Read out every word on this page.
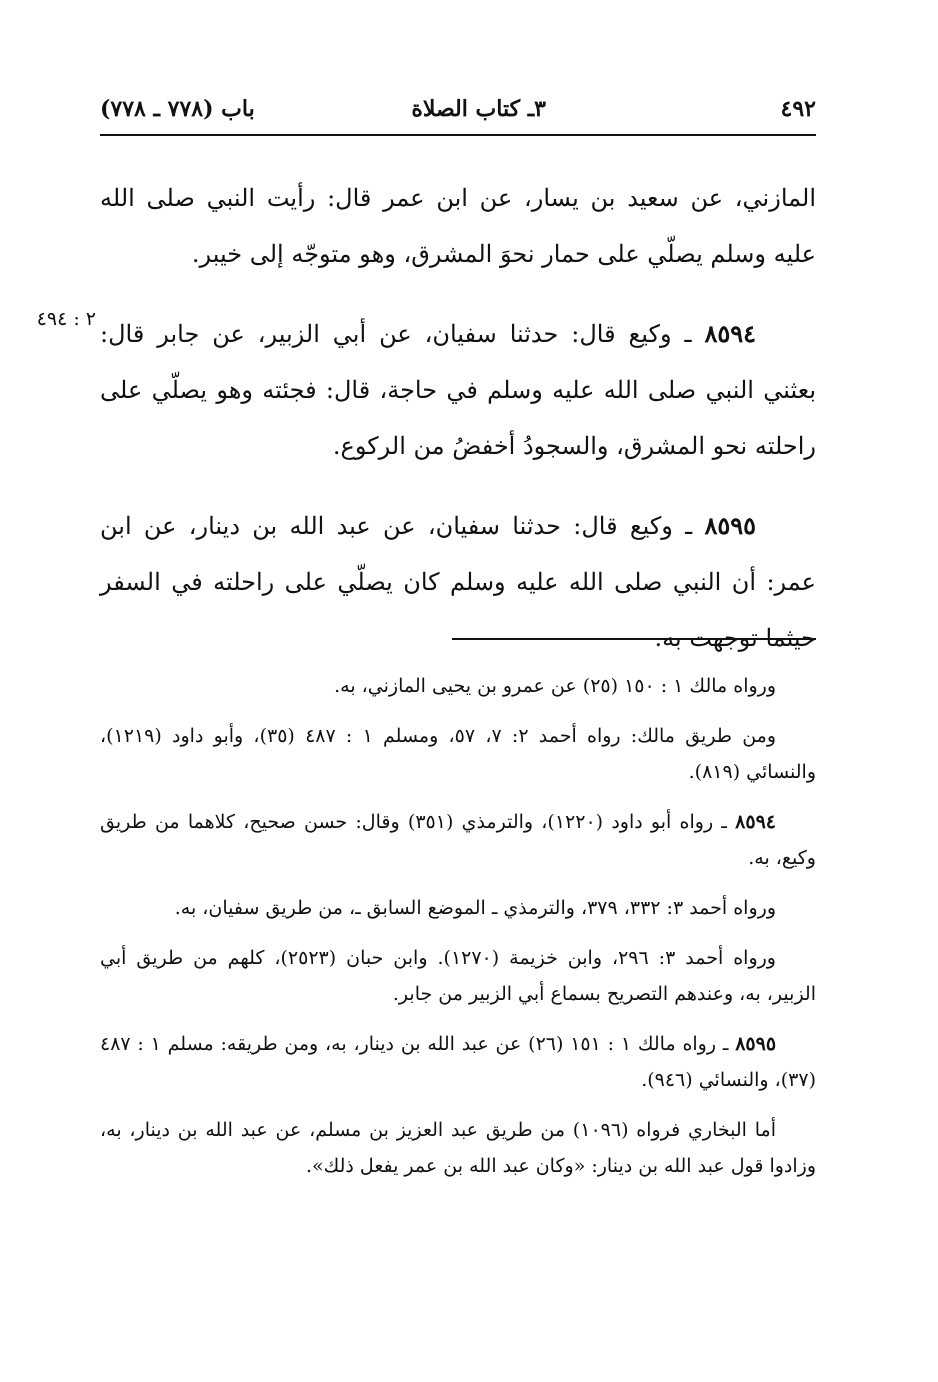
٤٩٢
٣ـ كتاب الصلاة
باب (٧٧٨ ـ ٧٧٨)
٢ : ٤٩٤

المازني، عن سعيد بن يسار، عن ابن عمر قال: رأيت النبي صلى الله عليه وسلم يصلّي على حمار نحوَ المشرق، وهو متوجّه إلى خيبر.

٨٥٩٤ ـ وكيع قال: حدثنا سفيان، عن أبي الزبير، عن جابر قال: بعثني النبي صلى الله عليه وسلم في حاجة، قال: فجئته وهو يصلّي على راحلته نحو المشرق، والسجودُ أخفضُ من الركوع.

٨٥٩٥ ـ وكيع قال: حدثنا سفيان، عن عبد الله بن دينار، عن ابن عمر: أن النبي صلى الله عليه وسلم كان يصلّي على راحلته في السفر حيثما توجهت به.

ورواه مالك ١ : ١٥٠ (٢٥) عن عمرو بن يحيى المازني، به.

ومن طريق مالك: رواه أحمد ٢: ٧، ٥٧، ومسلم ١ : ٤٨٧ (٣٥)، وأبو داود (١٢١٩)، والنسائي (٨١٩).

٨٥٩٤ ـ رواه أبو داود (١٢٢٠)، والترمذي (٣٥١) وقال: حسن صحيح، كلاهما من طريق وكيع، به.

ورواه أحمد ٣: ٣٣٢، ٣٧٩، والترمذي ـ الموضع السابق ـ، من طريق سفيان، به.

ورواه أحمد ٣: ٢٩٦، وابن خزيمة (١٢٧٠). وابن حبان (٢٥٢٣)، كلهم من طريق أبي الزبير، به، وعندهم التصريح بسماع أبي الزبير من جابر.

٨٥٩٥ ـ رواه مالك ١ : ١٥١ (٢٦) عن عبد الله بن دينار، به، ومن طريقه: مسلم ١ : ٤٨٧ (٣٧)، والنسائي (٩٤٦).

أما البخاري فرواه (١٠٩٦) من طريق عبد العزيز بن مسلم، عن عبد الله بن دينار، به، وزادوا قول عبد الله بن دينار: «وكان عبد الله بن عمر يفعل ذلك».
